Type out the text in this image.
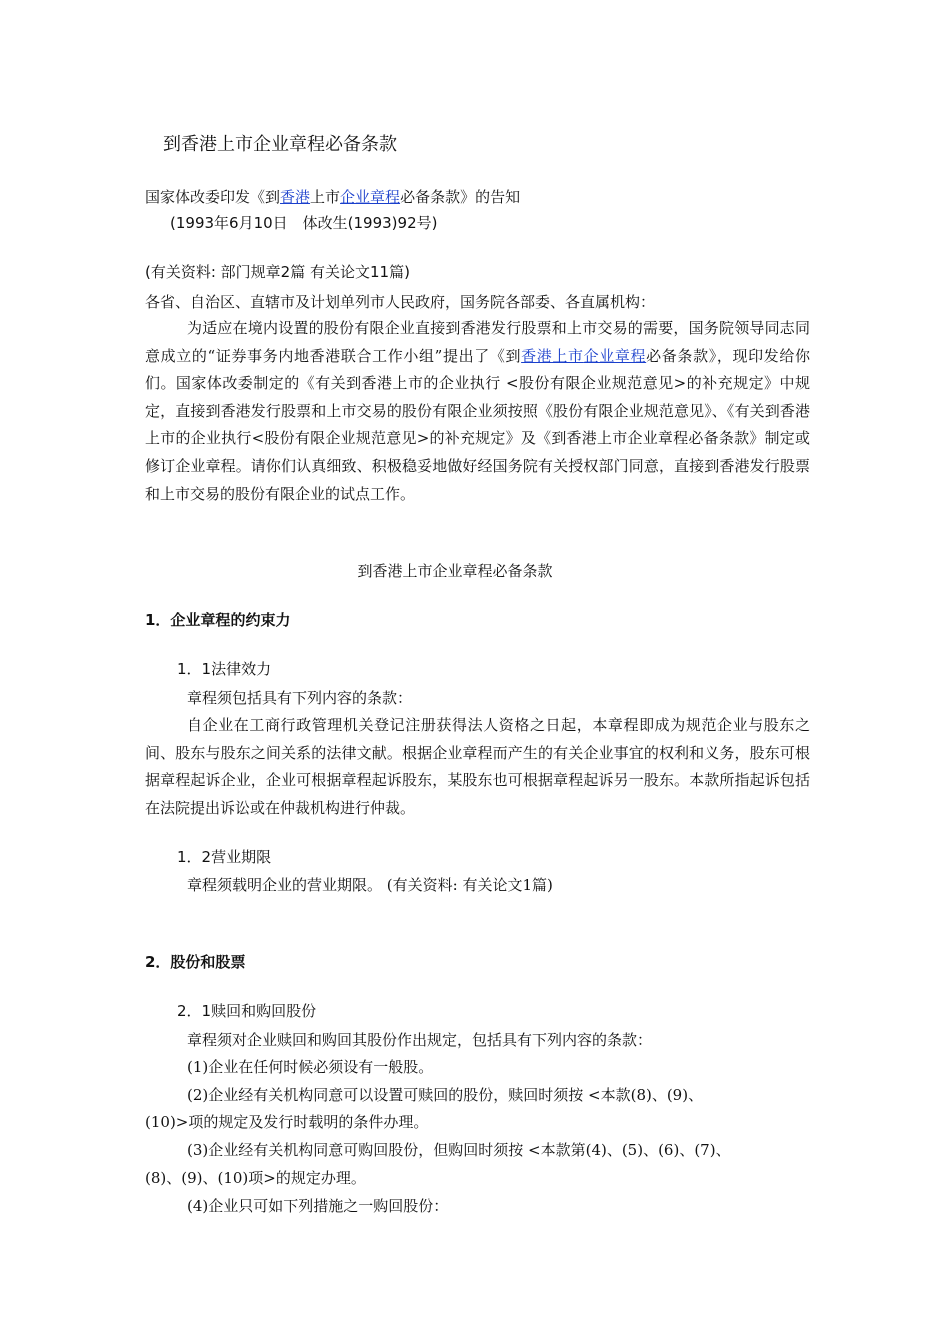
到香港上市企业章程必备条款
国家体改委印发《到香港上市企业章程必备条款》的告知
(1993年6月10日　体改生(1993)92号)
(有关资料: 部门规章2篇 有关论文11篇)
各省、自治区、直辖市及计划单列市人民政府，国务院各部委、各直属机构：
为适应在境内设置的股份有限企业直接到香港发行股票和上市交易的需要，国务院领导同志同意成立的“证券事务内地香港联合工作小组”提出了《到香港上市企业章程必备条款》，现印发给你们。国家体改委制定的《有关到香港上市的企业执行 <股份有限企业规范意见>的补充规定》中规定，直接到香港发行股票和上市交易的股份有限企业须按照《股份有限企业规范意见》、《有关到香港上市的企业执行<股份有限企业规范意见>的补充规定》及《到香港上市企业章程必备条款》制定或修订企业章程。请你们认真细致、积极稳妥地做好经国务院有关授权部门同意，直接到香港发行股票和上市交易的股份有限企业的试点工作。
到香港上市企业章程必备条款
1．企业章程的约束力
1．1法律效力
章程须包括具有下列内容的条款：
自企业在工商行政管理机关登记注册获得法人资格之日起，本章程即成为规范企业与股东之间、股东与股东之间关系的法律文献。根据企业章程而产生的有关企业事宜的权利和义务，股东可根据章程起诉企业，企业可根据章程起诉股东，某股东也可根据章程起诉另一股东。本款所指起诉包括在法院提出诉讼或在仲裁机构进行仲裁。
1．2营业期限
章程须载明企业的营业期限。 (有关资料: 有关论文1篇)
2．股份和股票
2．1赎回和购回股份
章程须对企业赎回和购回其股份作出规定，包括具有下列内容的条款：
(1)企业在任何时候必须设有一般股。
(2)企业经有关机构同意可以设置可赎回的股份，赎回时须按 <本款(8)、(9)、
(10)>项的规定及发行时载明的条件办理。
(3)企业经有关机构同意可购回股份，但购回时须按 <本款第(4)、(5)、(6)、(7)、
(8)、(9)、(10)项>的规定办理。
(4)企业只可如下列措施之一购回股份：
